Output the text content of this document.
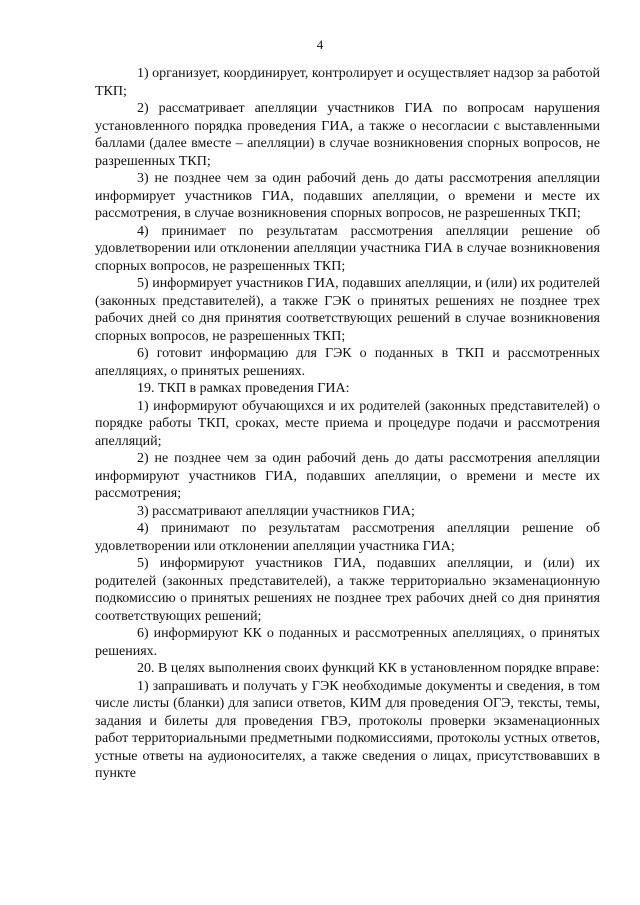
4

1) организует, координирует, контролирует и осуществляет надзор за работой ТКП;

2) рассматривает апелляции участников ГИА по вопросам нарушения установленного порядка проведения ГИА, а также о несогласии с выставленными баллами (далее вместе – апелляции) в случае возникновения спорных вопросов, не разрешенных ТКП;

3) не позднее чем за один рабочий день до даты рассмотрения апелляции информирует участников ГИА, подавших апелляции, о времени и месте их рассмотрения, в случае возникновения спорных вопросов, не разрешенных ТКП;

4) принимает по результатам рассмотрения апелляции решение об удовлетворении или отклонении апелляции участника ГИА в случае возникновения спорных вопросов, не разрешенных ТКП;

5) информирует участников ГИА, подавших апелляции, и (или) их родителей (законных представителей), а также ГЭК о принятых решениях не позднее трех рабочих дней со дня принятия соответствующих решений в случае возникновения спорных вопросов, не разрешенных ТКП;

6) готовит информацию для ГЭК о поданных в ТКП и рассмотренных апелляциях, о принятых решениях.

19. ТКП в рамках проведения ГИА:

1) информируют обучающихся и их родителей (законных представителей) о порядке работы ТКП, сроках, месте приема и процедуре подачи и рассмотрения апелляций;

2) не позднее чем за один рабочий день до даты рассмотрения апелляции информируют участников ГИА, подавших апелляции, о времени и месте их рассмотрения;

3) рассматривают апелляции участников ГИА;

4) принимают по результатам рассмотрения апелляции решение об удовлетворении или отклонении апелляции участника ГИА;

5) информируют участников ГИА, подавших апелляции, и (или) их родителей (законных представителей), а также территориально экзаменационную подкомиссию о принятых решениях не позднее трех рабочих дней со дня принятия соответствующих решений;

6) информируют КК о поданных и рассмотренных апелляциях, о принятых решениях.

20. В целях выполнения своих функций КК в установленном порядке вправе:

1) запрашивать и получать у ГЭК необходимые документы и сведения, в том числе листы (бланки) для записи ответов, КИМ для проведения ОГЭ, тексты, темы, задания и билеты для проведения ГВЭ, протоколы проверки экзаменационных работ территориальными предметными подкомиссиями, протоколы устных ответов, устные ответы на аудионосителях, а также сведения о лицах, присутствовавших в пункте
